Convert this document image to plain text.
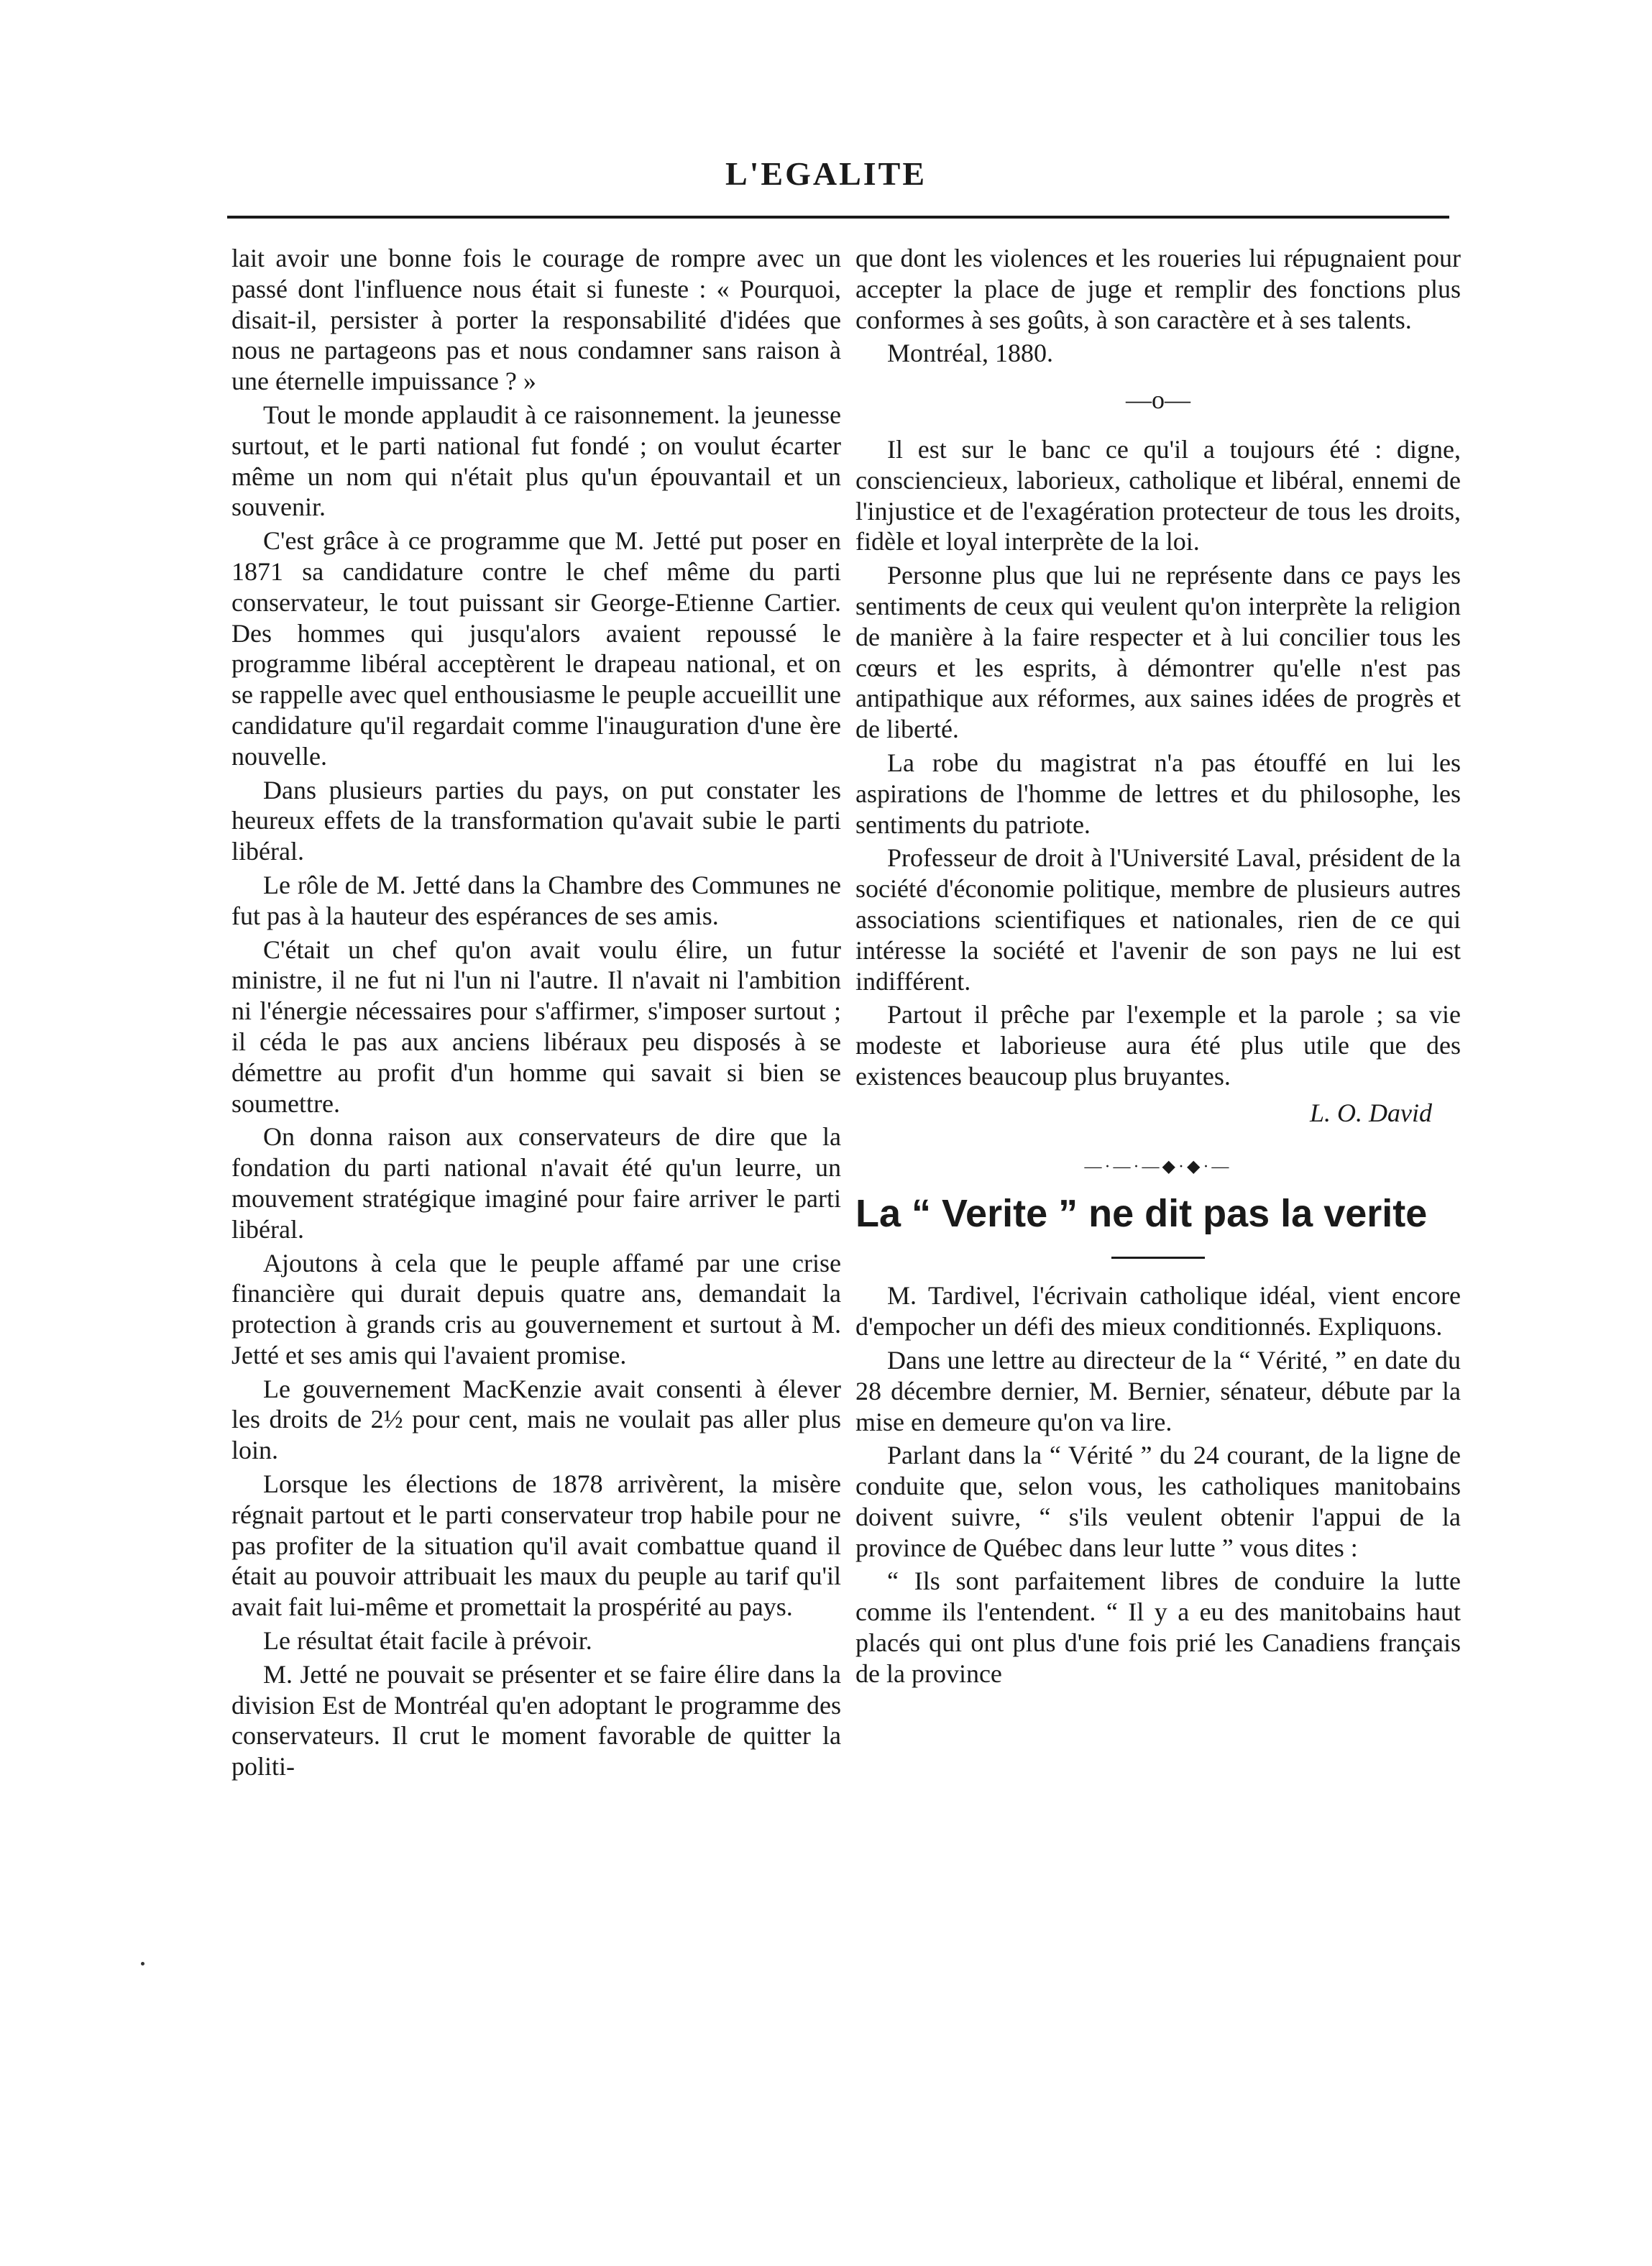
L'EGALITE

lait avoir une bonne fois le courage de rompre avec un passé dont l'influence nous était si funeste : « Pourquoi, disait-il, persister à porter la responsabilité d'idées que nous ne partageons pas et nous condamner sans raison à une éternelle impuissance ? »

Tout le monde applaudit à ce raisonnement. la jeunesse surtout, et le parti national fut fondé ; on voulut écarter même un nom qui n'était plus qu'un épouvantail et un souvenir.

C'est grâce à ce programme que M. Jetté put poser en 1871 sa candidature contre le chef même du parti conservateur, le tout puissant sir George-Etienne Cartier. Des hommes qui jusqu'alors avaient repoussé le programme libéral acceptèrent le drapeau national, et on se rappelle avec quel enthousiasme le peuple accueillit une candidature qu'il regardait comme l'inauguration d'une ère nouvelle.

Dans plusieurs parties du pays, on put constater les heureux effets de la transformation qu'avait subie le parti libéral.

Le rôle de M. Jetté dans la Chambre des Communes ne fut pas à la hauteur des espérances de ses amis.

C'était un chef qu'on avait voulu élire, un futur ministre, il ne fut ni l'un ni l'autre. Il n'avait ni l'ambition ni l'énergie nécessaires pour s'affirmer, s'imposer surtout ; il céda le pas aux anciens libéraux peu disposés à se démettre au profit d'un homme qui savait si bien se soumettre.

On donna raison aux conservateurs de dire que la fondation du parti national n'avait été qu'un leurre, un mouvement stratégique imaginé pour faire arriver le parti libéral.

Ajoutons à cela que le peuple affamé par une crise financière qui durait depuis quatre ans, demandait la protection à grands cris au gouvernement et surtout à M. Jetté et ses amis qui l'avaient promise.

Le gouvernement MacKenzie avait consenti à élever les droits de 2½ pour cent, mais ne voulait pas aller plus loin.

Lorsque les élections de 1878 arrivèrent, la misère régnait partout et le parti conservateur trop habile pour ne pas profiter de la situation qu'il avait combattue quand il était au pouvoir attribuait les maux du peuple au tarif qu'il avait fait lui-même et promettait la prospérité au pays.

Le résultat était facile à prévoir.

M. Jetté ne pouvait se présenter et se faire élire dans la division Est de Montréal qu'en adoptant le programme des conservateurs. Il crut le moment favorable de quitter la politi-

que dont les violences et les roueries lui répugnaient pour accepter la place de juge et remplir des fonctions plus conformes à ses goûts, à son caractère et à ses talents.

Montréal, 1880.

—o—

Il est sur le banc ce qu'il a toujours été : digne, consciencieux, laborieux, catholique et libéral, ennemi de l'injustice et de l'exagération protecteur de tous les droits, fidèle et loyal interprète de la loi.

Personne plus que lui ne représente dans ce pays les sentiments de ceux qui veulent qu'on interprète la religion de manière à la faire respecter et à lui concilier tous les cœurs et les esprits, à démontrer qu'elle n'est pas antipathique aux réformes, aux saines idées de progrès et de liberté.

La robe du magistrat n'a pas étouffé en lui les aspirations de l'homme de lettres et du philosophe, les sentiments du patriote.

Professeur de droit à l'Université Laval, président de la société d'économie politique, membre de plusieurs autres associations scientifiques et nationales, rien de ce qui intéresse la société et l'avenir de son pays ne lui est indifférent.

Partout il prêche par l'exemple et la parole ; sa vie modeste et laborieuse aura été plus utile que des existences beaucoup plus bruyantes.

L. O. David
—·—·—◆·◆·—
La “ Verite ” ne dit pas la verite

M. Tardivel, l'écrivain catholique idéal, vient encore d'empocher un défi des mieux conditionnés. Expliquons.

Dans une lettre au directeur de la “ Vérité, ” en date du 28 décembre dernier, M. Bernier, sénateur, débute par la mise en demeure qu'on va lire.

Parlant dans la “ Vérité ” du 24 courant, de la ligne de conduite que, selon vous, les catholiques manitobains doivent suivre, “ s'ils veulent obtenir l'appui de la province de Québec dans leur lutte ” vous dites :

“ Ils sont parfaitement libres de conduire la lutte comme ils l'entendent. “ Il y a eu des manitobains haut placés qui ont plus d'une fois prié les Canadiens français de la province
